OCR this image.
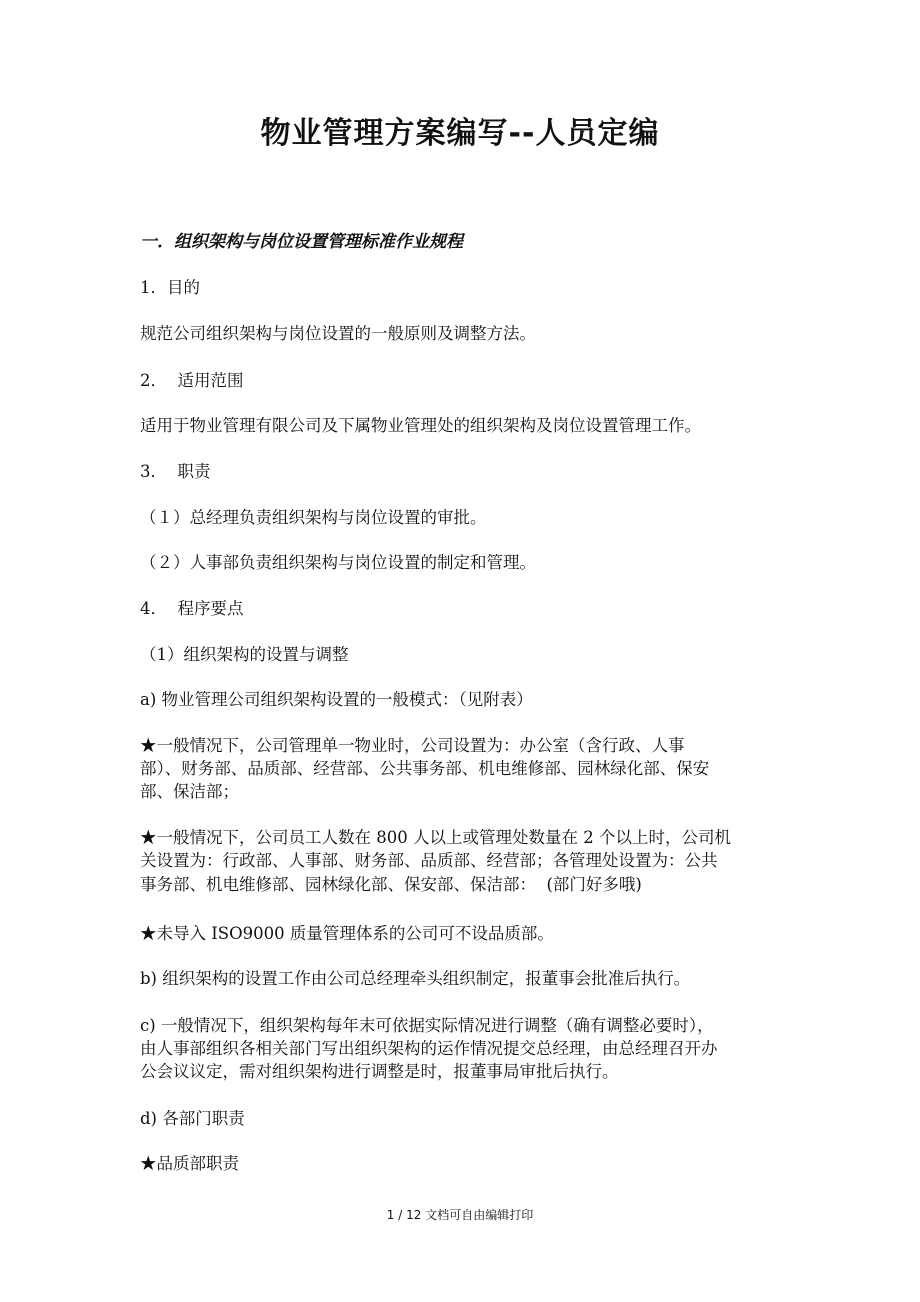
物业管理方案编写--人员定编
一．组织架构与岗位设置管理标准作业规程
1．目的
规范公司组织架构与岗位设置的一般原则及调整方法。
2．  适用范围
适用于物业管理有限公司及下属物业管理处的组织架构及岗位设置管理工作。
3．  职责
（１）总经理负责组织架构与岗位设置的审批。
（２）人事部负责组织架构与岗位设置的制定和管理。
4．  程序要点
（1）组织架构的设置与调整
a) 物业管理公司组织架构设置的一般模式：（见附表）
★一般情况下，公司管理单一物业时，公司设置为：办公室（含行政、人事
部）、财务部、品质部、经营部、公共事务部、机电维修部、园林绿化部、保安
部、保洁部；
★一般情况下，公司员工人数在 800 人以上或管理处数量在 2 个以上时，公司机
关设置为：行政部、人事部、财务部、品质部、经营部；各管理处设置为：公共
事务部、机电维修部、园林绿化部、保安部、保洁部：  (部门好多哦)
★未导入 ISO9000 质量管理体系的公司可不设品质部。
b) 组织架构的设置工作由公司总经理牵头组织制定，报董事会批准后执行。
c) 一般情况下，组织架构每年末可依据实际情况进行调整（确有调整必要时），
由人事部组织各相关部门写出组织架构的运作情况提交总经理，由总经理召开办
公会议议定，需对组织架构进行调整是时，报董事局审批后执行。
d) 各部门职责
★品质部职责
1 / 12 文档可自由编辑打印
